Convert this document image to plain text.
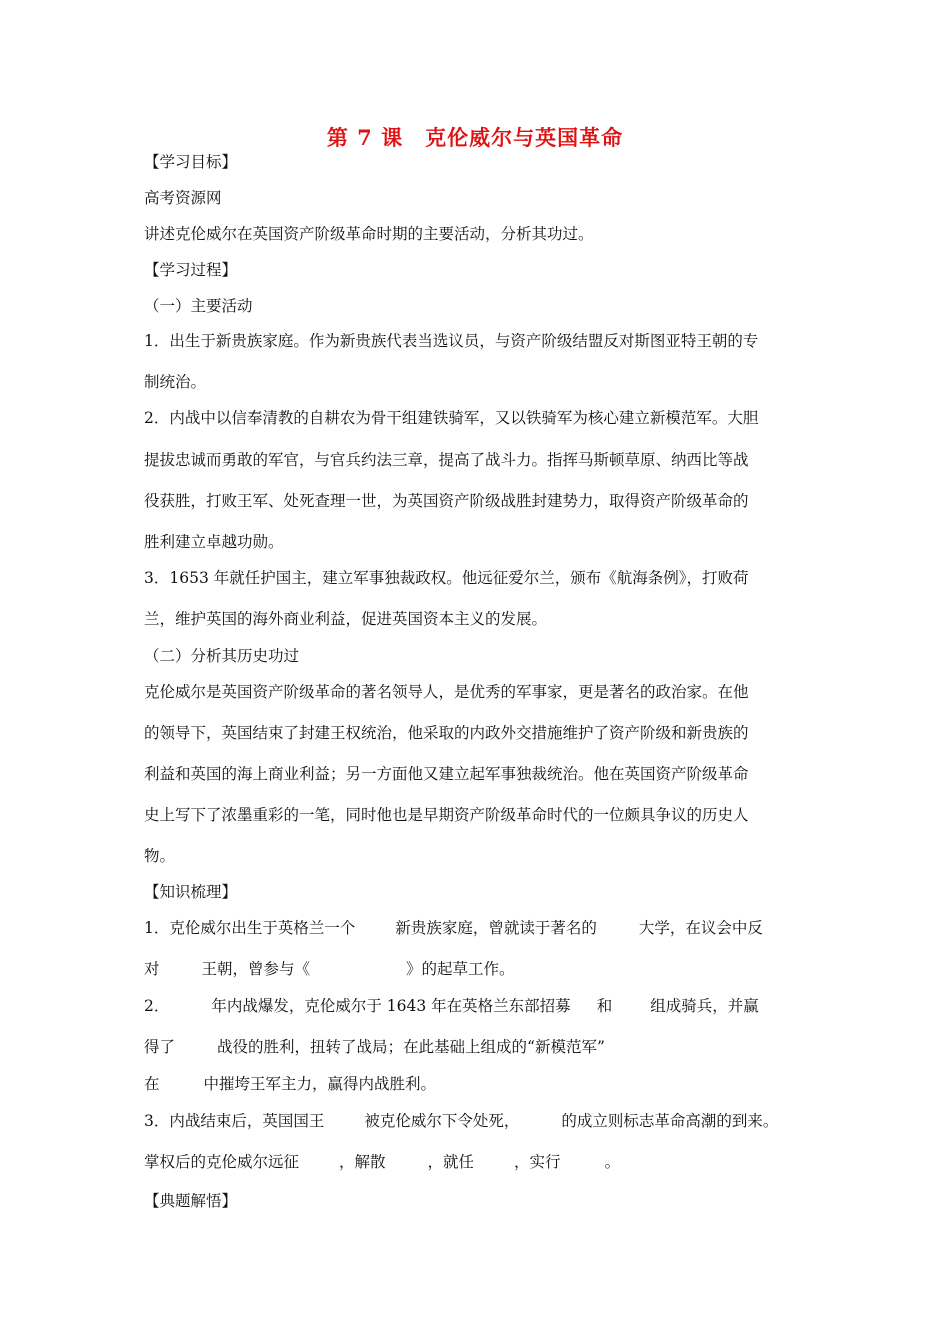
第 7 课　克伦威尔与英国革命
【学习目标】
高考资源网
讲述克伦威尔在英国资产阶级革命时期的主要活动，分析其功过。
【学习过程】
（一）主要活动
1．出生于新贵族家庭。作为新贵族代表当选议员，与资产阶级结盟反对斯图亚特王朝的专
制统治。
2．内战中以信奉清教的自耕农为骨干组建铁骑军，又以铁骑军为核心建立新模范军。大胆
提拔忠诚而勇敢的军官，与官兵约法三章，提高了战斗力。指挥马斯顿草原、纳西比等战
役获胜，打败王军、处死查理一世，为英国资产阶级战胜封建势力，取得资产阶级革命的
胜利建立卓越功勋。
3．1653 年就任护国主，建立军事独裁政权。他远征爱尔兰，颁布《航海条例》，打败荷
兰，维护英国的海外商业利益，促进英国资本主义的发展。
（二）分析其历史功过
克伦威尔是英国资产阶级革命的著名领导人，是优秀的军事家，更是著名的政治家。在他
的领导下，英国结束了封建王权统治，他采取的内政外交措施维护了资产阶级和新贵族的
利益和英国的海上商业利益；另一方面他又建立起军事独裁统治。他在英国资产阶级革命
史上写下了浓墨重彩的一笔，同时他也是早期资产阶级革命时代的一位颇具争议的历史人
物。
【知识梳理】
1．克伦威尔出生于英格兰一个	新贵族家庭，曾就读于著名的	大学，在议会中反
对	王朝，曾参与《	》的起草工作。
2．	年内战爆发，克伦威尔于 1643 年在英格兰东部招募 和 组成骑兵，并赢
得了	战役的胜利，扭转了战局；在此基础上组成的“新模范军”
在	中摧垮王军主力，赢得内战胜利。
3．内战结束后，英国国王	被克伦威尔下令处死，	的成立则标志革命高潮的到来。
掌权后的克伦威尔远征	，解散	，就任	，实行	。
【典题解悟】
